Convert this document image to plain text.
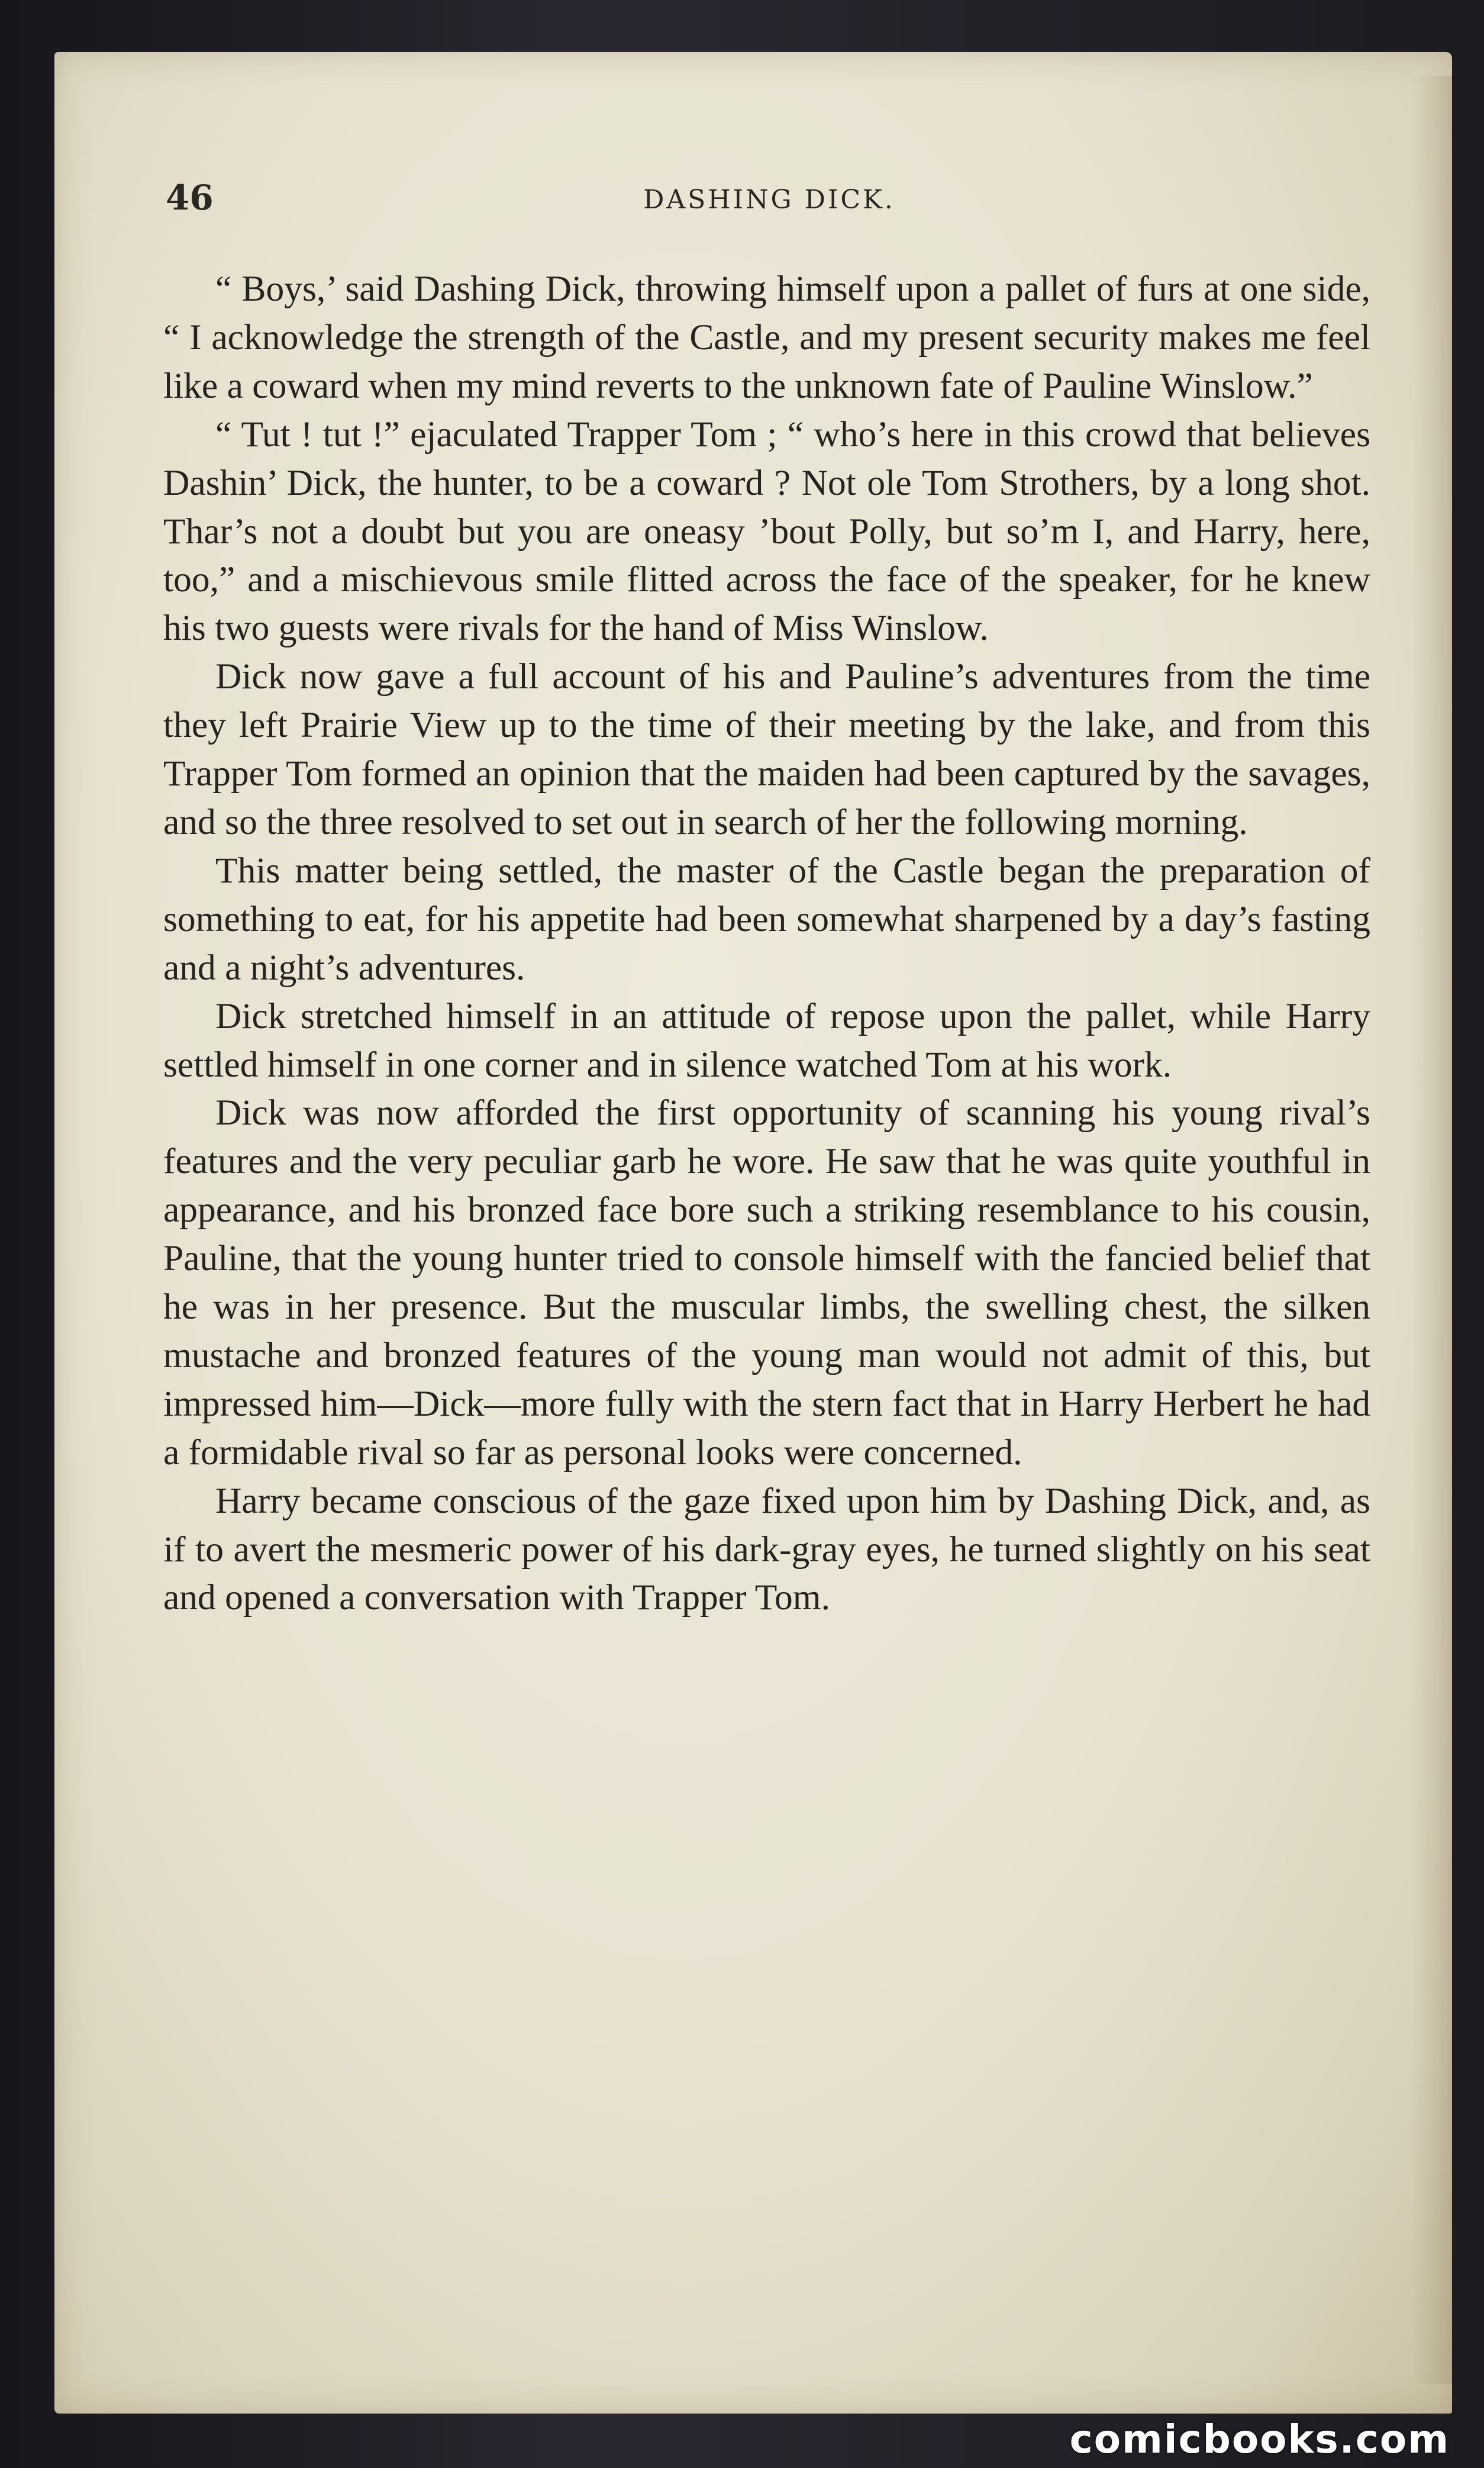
46	DASHING DICK.

“ Boys,’ said Dashing Dick, throwing himself upon a pallet of furs at one side, “ I acknowledge the strength of the Castle, and my present security makes me feel like a coward when my mind reverts to the unknown fate of Pauline Winslow.”

“ Tut ! tut !” ejaculated Trapper Tom ; “ who’s here in this crowd that believes Dashin’ Dick, the hunter, to be a coward ? Not ole Tom Strothers, by a long shot. Thar’s not a doubt but you are oneasy ’bout Polly, but so’m I, and Harry, here, too,” and a mischievous smile flitted across the face of the speaker, for he knew his two guests were rivals for the hand of Miss Winslow.

Dick now gave a full account of his and Pauline’s adventures from the time they left Prairie View up to the time of their meeting by the lake, and from this Trapper Tom formed an opinion that the maiden had been captured by the savages, and so the three resolved to set out in search of her the following morning.

This matter being settled, the master of the Castle began the preparation of something to eat, for his appetite had been somewhat sharpened by a day’s fasting and a night’s adventures.

Dick stretched himself in an attitude of repose upon the pallet, while Harry settled himself in one corner and in silence watched Tom at his work.

Dick was now afforded the first opportunity of scanning his young rival’s features and the very peculiar garb he wore. He saw that he was quite youthful in appearance, and his bronzed face bore such a striking resemblance to his cousin, Pauline, that the young hunter tried to console himself with the fancied belief that he was in her presence. But the muscular limbs, the swelling chest, the silken mustache and bronzed features of the young man would not admit of this, but impressed him—Dick—more fully with the stern fact that in Harry Herbert he had a formidable rival so far as personal looks were concerned.

Harry became conscious of the gaze fixed upon him by Dashing Dick, and, as if to avert the mesmeric power of his dark-gray eyes, he turned slightly on his seat and opened a conversation with Trapper Tom.

comicbooks.com
